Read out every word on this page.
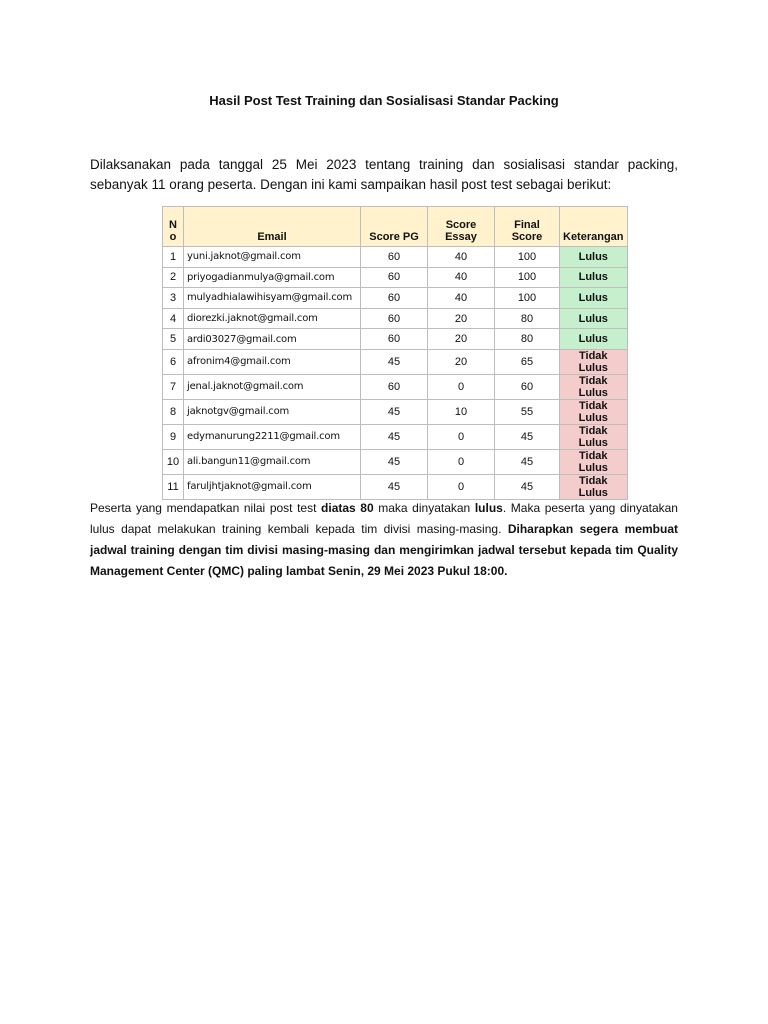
Hasil Post Test Training dan Sosialisasi Standar Packing

Dilaksanakan pada tanggal 25 Mei 2023 tentang training dan sosialisasi standar packing, sebanyak 11 orang peserta. Dengan ini kami sampaikan hasil post test sebagai berikut:

N o	Email	Score PG	Score Essay	Final Score	Keterangan
1	yuni.jaknot@gmail.com	60	40	100	Lulus
2	priyogadianmulya@gmail.com	60	40	100	Lulus
3	mulyadhialawihisyam@gmail.com	60	40	100	Lulus
4	diorezki.jaknot@gmail.com	60	20	80	Lulus
5	ardi03027@gmail.com	60	20	80	Lulus
6	afronim4@gmail.com	45	20	65	Tidak Lulus
7	jenal.jaknot@gmail.com	60	0	60	Tidak Lulus
8	jaknotgv@gmail.com	45	10	55	Tidak Lulus
9	edymanurung2211@gmail.com	45	0	45	Tidak Lulus
10	ali.bangun11@gmail.com	45	0	45	Tidak Lulus
11	faruljhtjaknot@gmail.com	45	0	45	Tidak Lulus

Peserta yang mendapatkan nilai post test diatas 80 maka dinyatakan lulus. Maka peserta yang dinyatakan lulus dapat melakukan training kembali kepada tim divisi masing-masing. Diharapkan segera membuat jadwal training dengan tim divisi masing-masing dan mengirimkan jadwal tersebut kepada tim Quality Management Center (QMC) paling lambat Senin, 29 Mei 2023 Pukul 18:00.
